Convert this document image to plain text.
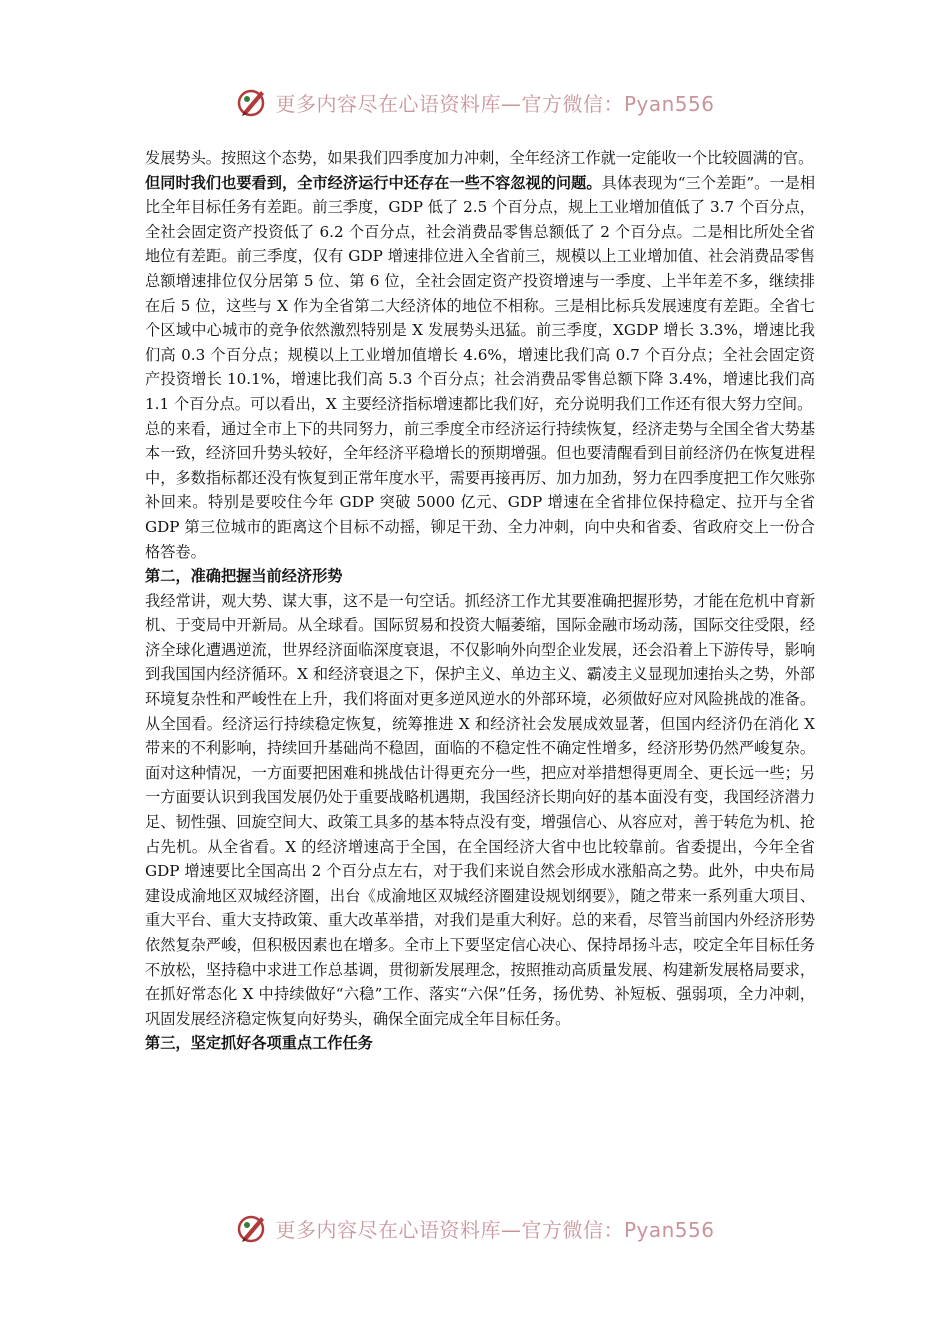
更多内容尽在心语资料库—官方微信：Pyan556

发展势头。按照这个态势，如果我们四季度加力冲刺，全年经济工作就一定能收一个比较圆满的官。

但同时我们也要看到，全市经济运行中还存在一些不容忽视的问题。具体表现为“三个差距”。一是相比全年目标任务有差距。前三季度，GDP 低了 2.5 个百分点，规上工业增加值低了 3.7 个百分点，全社会固定资产投资低了 6.2 个百分点，社会消费品零售总额低了 2 个百分点。二是相比所处全省地位有差距。前三季度，仅有 GDP 增速排位进入全省前三，规模以上工业增加值、社会消费品零售总额增速排位仅分居第 5 位、第 6 位，全社会固定资产投资增速与一季度、上半年差不多，继续排在后 5 位，这些与 X 作为全省第二大经济体的地位不相称。三是相比标兵发展速度有差距。全省七个区域中心城市的竞争依然激烈特别是 X 发展势头迅猛。前三季度，XGDP 增长 3.3%，增速比我们高 0.3 个百分点；规模以上工业增加值增长 4.6%，增速比我们高 0.7 个百分点；全社会固定资产投资增长 10.1%，增速比我们高 5.3 个百分点；社会消费品零售总额下降 3.4%，增速比我们高 1.1 个百分点。可以看出，X 主要经济指标增速都比我们好，充分说明我们工作还有很大努力空间。

总的来看，通过全市上下的共同努力，前三季度全市经济运行持续恢复，经济走势与全国全省大势基本一致，经济回升势头较好，全年经济平稳增长的预期增强。但也要清醒看到目前经济仍在恢复进程中，多数指标都还没有恢复到正常年度水平，需要再接再厉、加力加劲，努力在四季度把工作欠账弥补回来。特别是要咬住今年 GDP 突破 5000 亿元、GDP 增速在全省排位保持稳定、拉开与全省 GDP 第三位城市的距离这个目标不动摇，铆足干劲、全力冲刺，向中央和省委、省政府交上一份合格答卷。

第二，准确把握当前经济形势

我经常讲，观大势、谋大事，这不是一句空话。抓经济工作尤其要准确把握形势，才能在危机中育新机、于变局中开新局。从全球看。国际贸易和投资大幅萎缩，国际金融市场动荡，国际交往受限，经济全球化遭遇逆流，世界经济面临深度衰退，不仅影响外向型企业发展，还会沿着上下游传导，影响到我国国内经济循环。X 和经济衰退之下，保护主义、单边主义、霸凌主义显现加速抬头之势，外部环境复杂性和严峻性在上升，我们将面对更多逆风逆水的外部环境，必须做好应对风险挑战的准备。从全国看。经济运行持续稳定恢复，统筹推进 X 和经济社会发展成效显著，但国内经济仍在消化 X 带来的不利影响，持续回升基础尚不稳固，面临的不稳定性不确定性增多，经济形势仍然严峻复杂。面对这种情况，一方面要把困难和挑战估计得更充分一些，把应对举措想得更周全、更长远一些；另一方面要认识到我国发展仍处于重要战略机遇期，我国经济长期向好的基本面没有变，我国经济潜力足、韧性强、回旋空间大、政策工具多的基本特点没有变，增强信心、从容应对，善于转危为机、抢占先机。从全省看。X 的经济增速高于全国，在全国经济大省中也比较靠前。省委提出，今年全省 GDP 增速要比全国高出 2 个百分点左右，对于我们来说自然会形成水涨船高之势。此外，中央布局建设成渝地区双城经济圈，出台《成渝地区双城经济圈建设规划纲要》，随之带来一系列重大项目、重大平台、重大支持政策、重大改革举措，对我们是重大利好。总的来看，尽管当前国内外经济形势依然复杂严峻，但积极因素也在增多。全市上下要坚定信心决心、保持昂扬斗志，咬定全年目标任务不放松，坚持稳中求进工作总基调，贯彻新发展理念，按照推动高质量发展、构建新发展格局要求，在抓好常态化 X 中持续做好“六稳”工作、落实“六保”任务，扬优势、补短板、强弱项，全力冲刺，巩固发展经济稳定恢复向好势头，确保全面完成全年目标任务。

第三，坚定抓好各项重点工作任务

更多内容尽在心语资料库—官方微信：Pyan556
